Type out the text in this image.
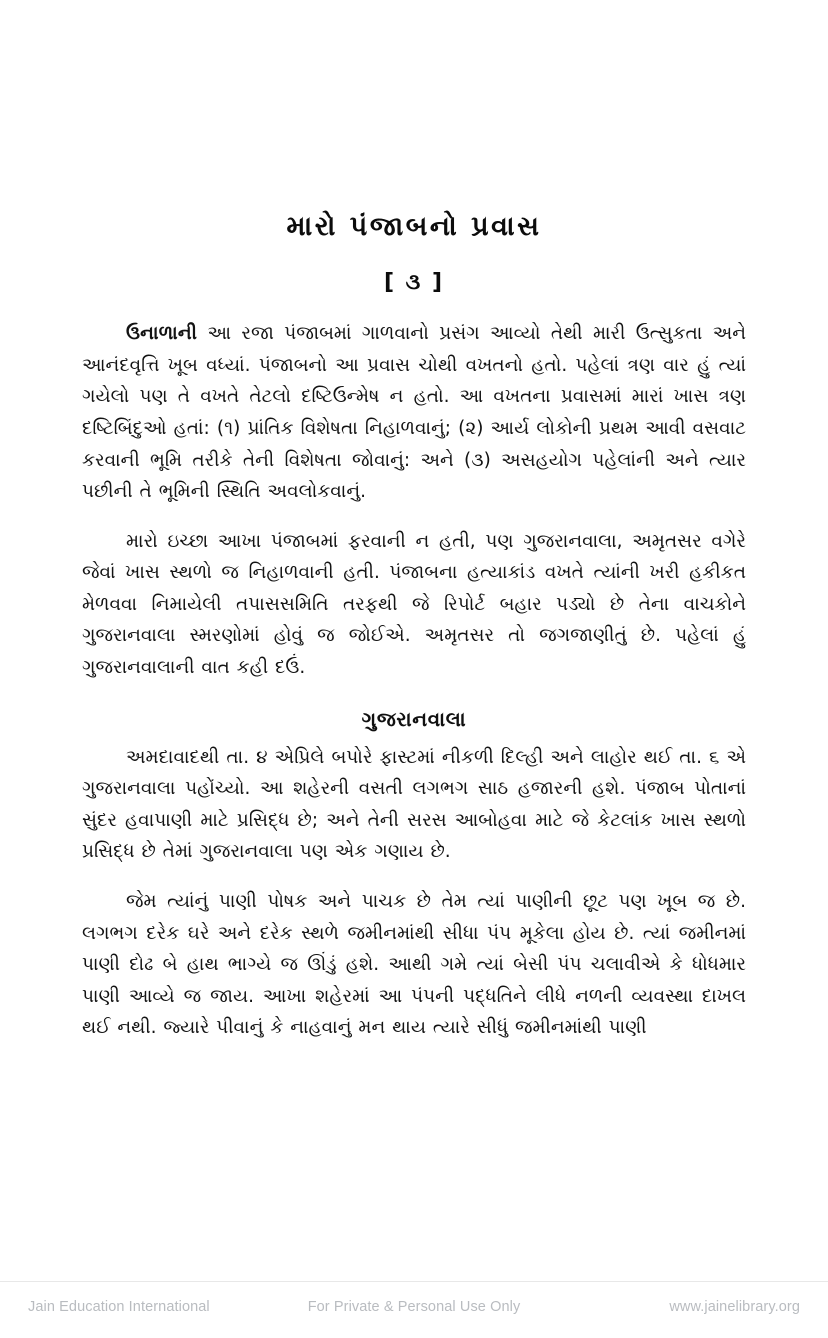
મારો પંજાબનો પ્રવાસ
[ ૩ ]

ઉનાળાની આ રજા પંજાબમાં ગાળવાનો પ્રસંગ આવ્યો તેથી મારી ઉત્સુકતા અને આનંદવૃત્તિ ખૂબ વધ્યાં. પંજાબનો આ પ્રવાસ ચોથી વખતનો હતો. પહેલાં ત્રણ વાર હું ત્યાં ગયેલો પણ તે વખતે તેટલો દષ્ટિઉન્મેષ ન હતો. આ વખતના પ્રવાસમાં મારાં ખાસ ત્રણ દષ્ટિબિંદુઓ હતાં: (૧) પ્રાંતિક વિશેષતા નિહાળવાનું; (૨) આર્ય લોકોની પ્રથમ આવી વસવાટ કરવાની ભૂમિ તરીકે તેની વિશેષતા જોવાનું: અને (૩) અસહયોગ પહેલાંની અને ત્યાર પછીની તે ભૂમિની સ્થિતિ અવલોકવાનું.

મારો ઇચ્છા આખા પંજાબમાં ફરવાની ન હતી, પણ ગુજરાનવાલા, અમૃતસર વગેરે જેવાં ખાસ સ્થળો જ નિહાળવાની હતી. પંજાબના હત્યાકાંડ વખતે ત્યાંની ખરી હકીકત મેળવવા નિમાયેલી તપાસસમિતિ તરફથી જે રિપોર્ટ બહાર પડ્યો છે તેના વાચકોને ગુજરાનવાલા સ્મરણોમાં હોવું જ જોઈએ. અમૃતસર તો જગજાણીતું છે. પહેલાં હું ગુજરાનવાલાની વાત કહી દઉં.

ગુજરાનવાલા

અમદાવાદથી તા. ૪ એપ્રિલે બપોરે ફાસ્ટમાં નીકળી દિલ્હી અને લાહોર થઈ તા. ૬ એ ગુજરાનવાલા પહોંચ્યો. આ શહેરની વસતી લગભગ સાઠ હજારની હશે. પંજાબ પોતાનાં સુંદર હવાપાણી માટે પ્રસિદ્ધ છે; અને તેની સરસ આબોહવા માટે જે કેટલાંક ખાસ સ્થળો પ્રસિદ્ધ છે તેમાં ગુજરાનવાલા પણ એક ગણાય છે.

જેમ ત્યાંનું પાણી પોષક અને પાચક છે તેમ ત્યાં પાણીની છૂટ પણ ખૂબ જ છે. લગભગ દરેક ઘરે અને દરેક સ્થળે જમીનમાંથી સીધા પંપ મૂકેલા હોય છે. ત્યાં જમીનમાં પાણી દોઢ બે હાથ ભાગ્યે જ ઊંડું હશે. આથી ગમે ત્યાં બેસી પંપ ચલાવીએ કે ધોધમાર પાણી આવ્યે જ જાય. આખા શહેરમાં આ પંપની પદ્ધતિને લીધે નળની વ્યવસ્થા દાખલ થઈ નથી. જ્યારે પીવાનું કે નાહવાનું મન થાય ત્યારે સીધું જમીનમાંથી પાણી

Jain Education International	For Private & Personal Use Only	www.jainelibrary.org
